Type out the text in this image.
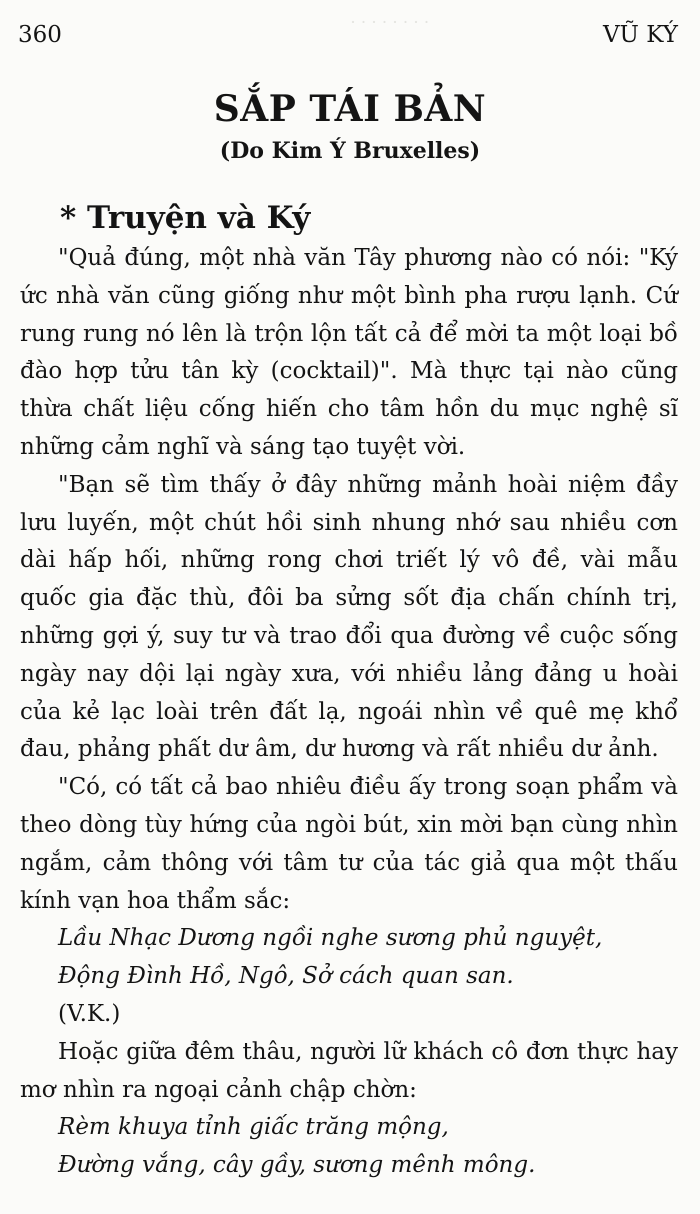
· · · · · · · ·
360	VŨ KÝ
SẮP TÁI BẢN
(Do Kim Ý Bruxelles)
* Truyện và Ký

"Quả đúng, một nhà văn Tây phương nào có nói: "Ký ức nhà văn cũng giống như một bình pha rượu lạnh. Cứ rung rung nó lên là trộn lộn tất cả để mời ta một loại bồ đào hợp tửu tân kỳ (cocktail)". Mà thực tại nào cũng thừa chất liệu cống hiến cho tâm hồn du mục nghệ sĩ những cảm nghĩ và sáng tạo tuyệt vời.

"Bạn sẽ tìm thấy ở đây những mảnh hoài niệm đầy lưu luyến, một chút hồi sinh nhung nhớ sau nhiều cơn dài hấp hối, những rong chơi triết lý vô đề, vài mẫu quốc gia đặc thù, đôi ba sửng sốt địa chấn chính trị, những gợi ý, suy tư và trao đổi qua đường về cuộc sống ngày nay dội lại ngày xưa, với nhiều lảng đảng u hoài của kẻ lạc loài trên đất lạ, ngoái nhìn về quê mẹ khổ đau, phảng phất dư âm, dư hương và rất nhiều dư ảnh.

"Có, có tất cả bao nhiêu điều ấy trong soạn phẩm và theo dòng tùy hứng của ngòi bút, xin mời bạn cùng nhìn ngắm, cảm thông với tâm tư của tác giả qua một thấu kính vạn hoa thẩm sắc:

Lầu Nhạc Dương ngồi nghe sương phủ nguyệt,
Động Đình Hồ, Ngô, Sở cách quan san.

(V.K.)

Hoặc giữa đêm thâu, người lữ khách cô đơn thực hay mơ nhìn ra ngoại cảnh chập chờn:

Rèm khuya tỉnh giấc trăng mộng,
Đường vắng, cây gầy, sương mênh mông.
